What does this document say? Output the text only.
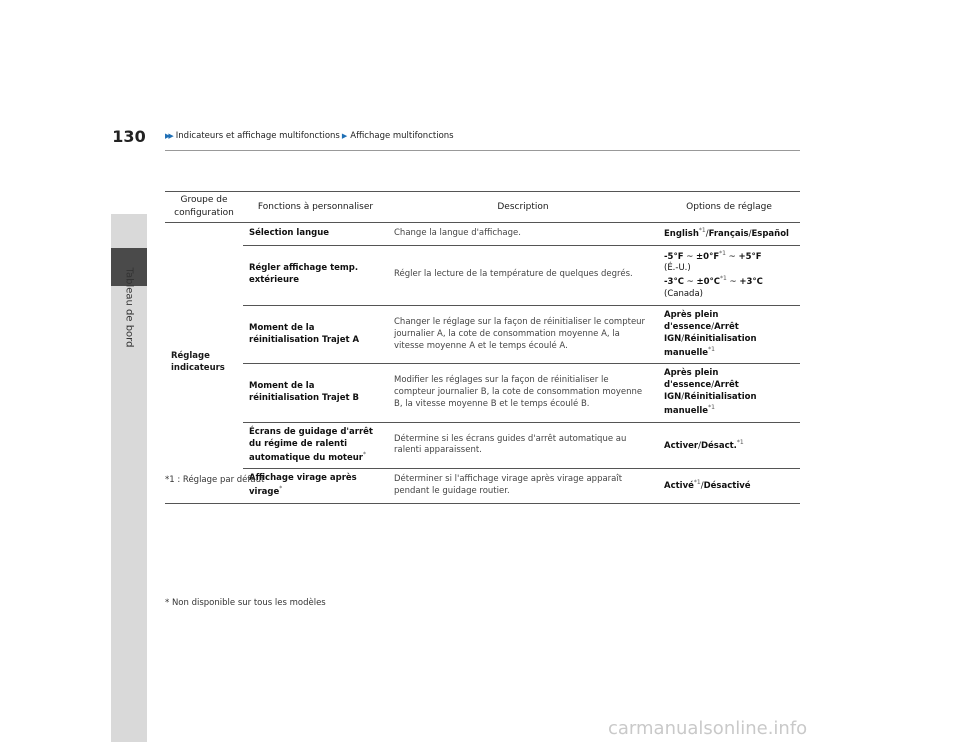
Tableau de bord
130	▶▶ Indicateurs et affichage multifonctions ▶ Affichage multifonctions
Groupe de configuration	Fonctions à personnaliser	Description	Options de réglage
Réglage indicateurs	Sélection langue	Change la langue d'affichage.	English$^{*1}$/Français/Español
	Régler affichage temp. extérieure	Régler la lecture de la température de quelques degrés.	-5°F ~ $\pm 0^\circ F^{*1}$ ~ +5°F
(É.-U.)
-3°C ~ $\pm 0^\circ C^{*1}$ ~ +3°C
(Canada)
	Moment de la réinitialisation Trajet A	Changer le réglage sur la façon de réinitialiser le compteur journalier A, la cote de consommation moyenne A, la vitesse moyenne A et le temps écoulé A.	Après plein d'essence/Arrêt IGN/Réinitialisation manuelle$^{*1}$
	Moment de la réinitialisation Trajet B	Modifier les réglages sur la façon de réinitialiser le compteur journalier B, la cote de consommation moyenne B, la vitesse moyenne B et le temps écoulé B.	Après plein d'essence/Arrêt IGN/Réinitialisation manuelle$^{*1}$
	Écrans de guidage d'arrêt du régime de ralenti automatique du moteur*	Détermine si les écrans guides d'arrêt automatique au ralenti apparaissent.	Activer/Désact.$^{*1}$
	Affichage virage après virage*	Déterminer si l'affichage virage après virage apparaît pendant le guidage routier.	Activé$^{*1}$/Désactivé
*1 : Réglage par défaut
* Non disponible sur tous les modèles
carmanualsonline.info
